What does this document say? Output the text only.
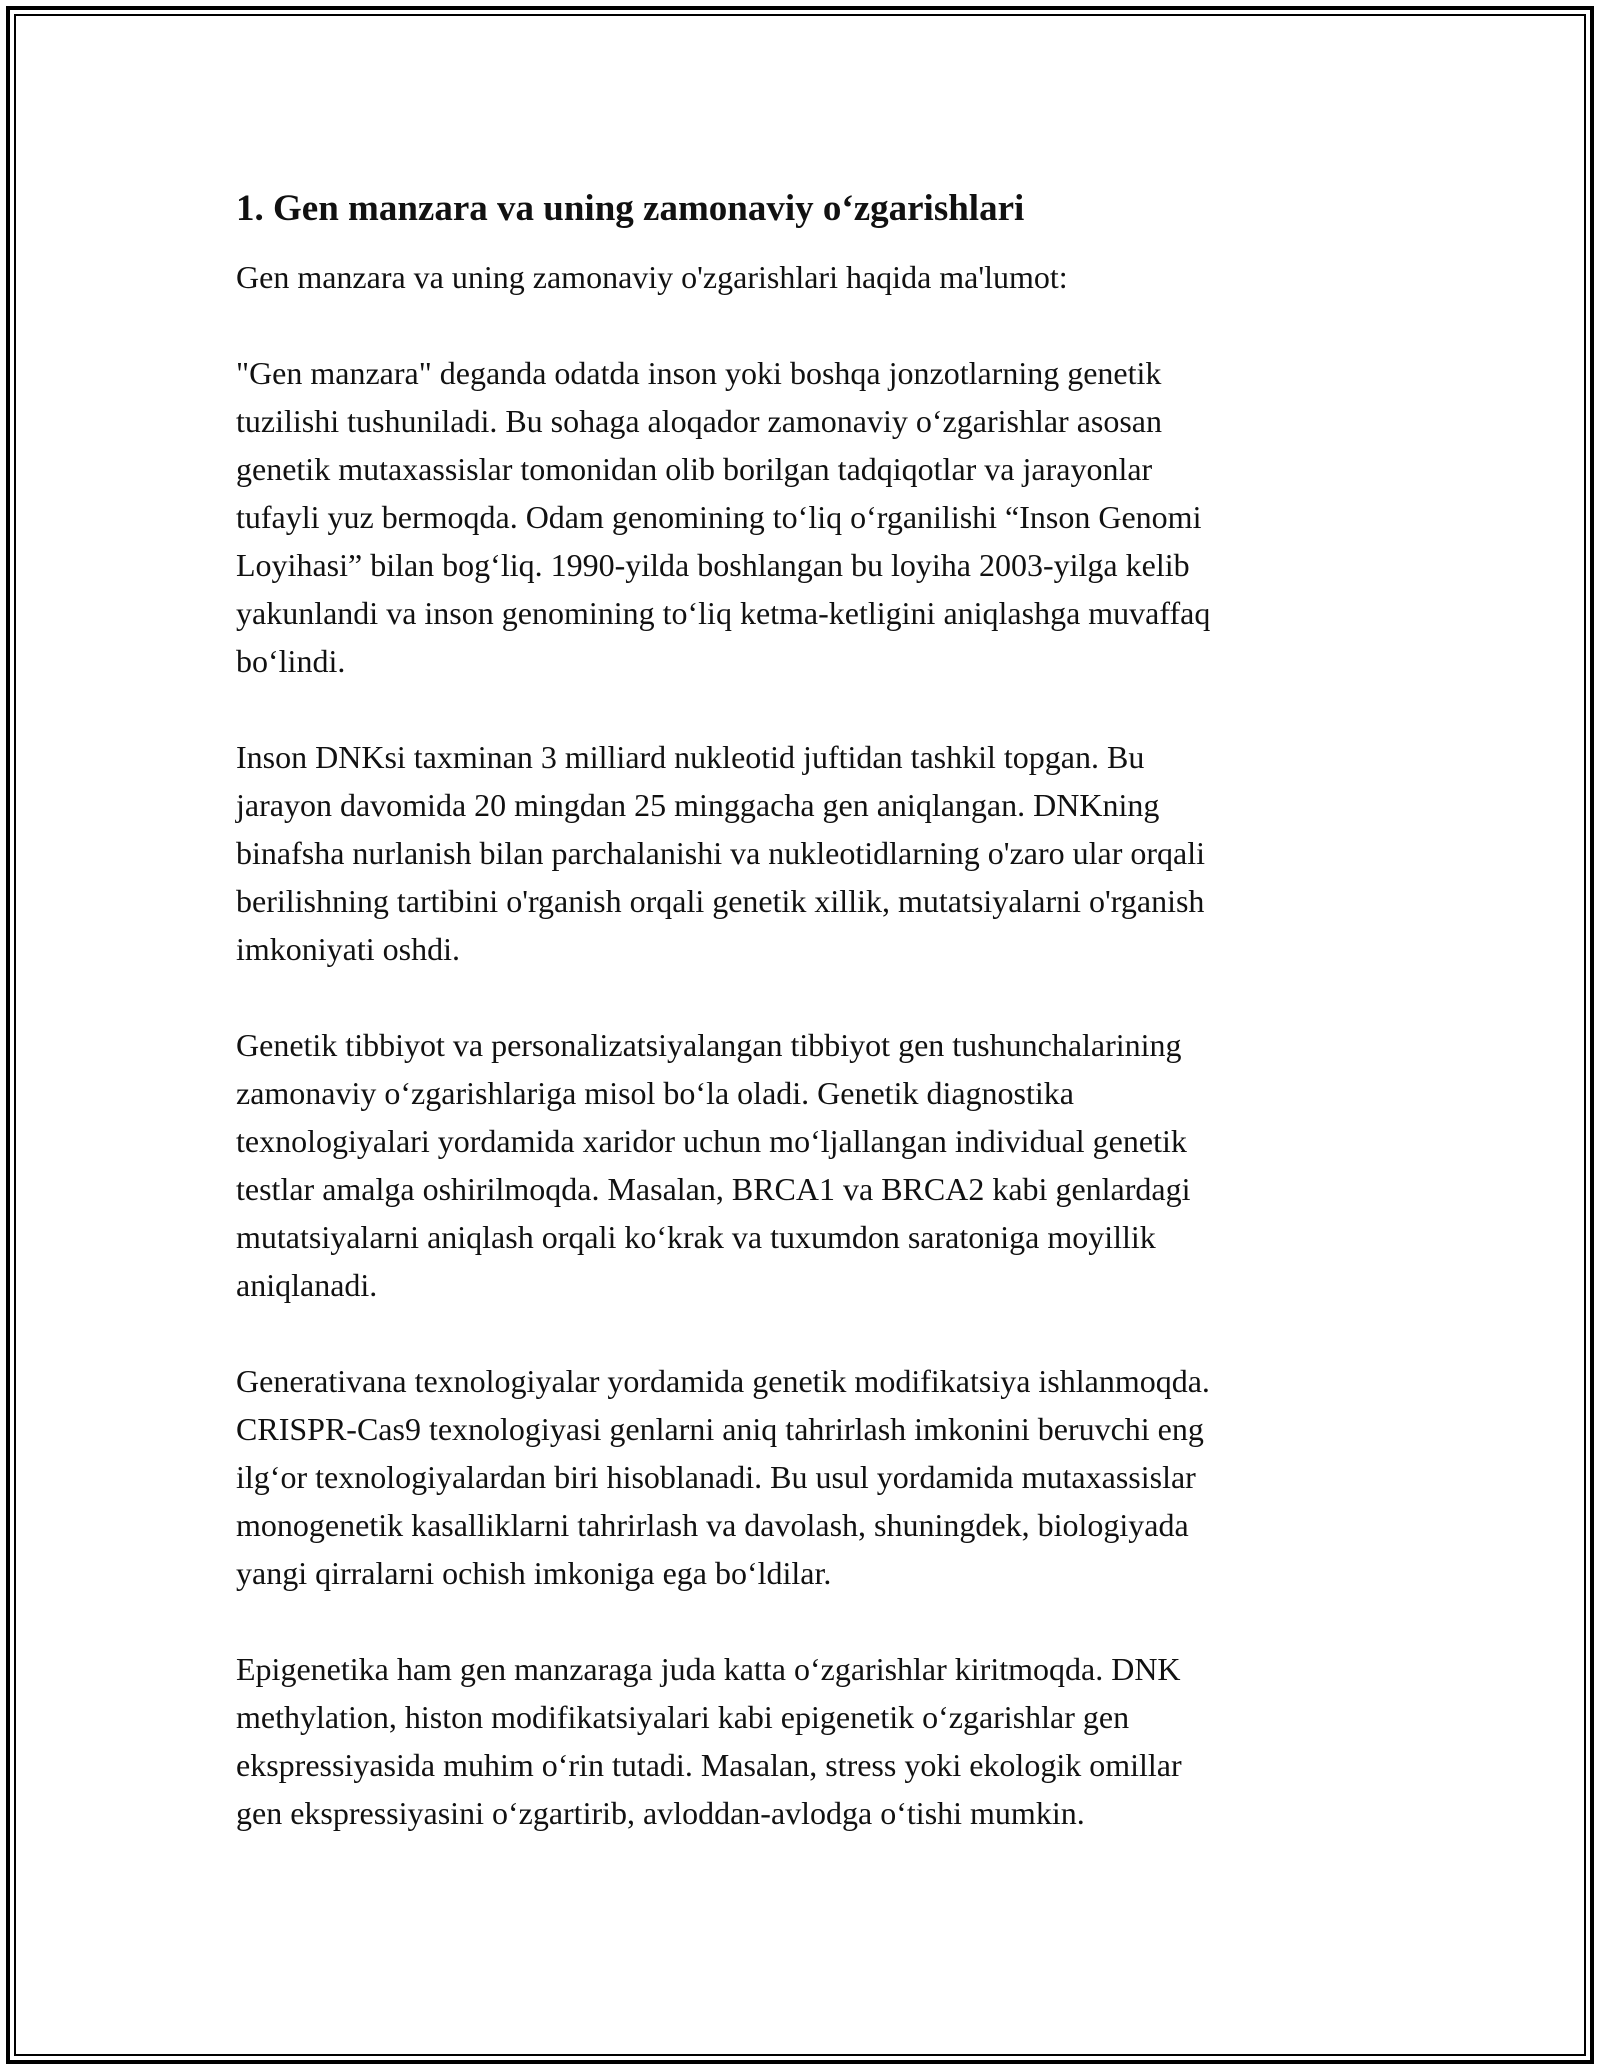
1. Gen manzara va uning zamonaviy o‘zgarishlari

Gen manzara va uning zamonaviy o'zgarishlari haqida ma'lumot:

"Gen manzara" deganda odatda inson yoki boshqa jonzotlarning genetik
tuzilishi tushuniladi. Bu sohaga aloqador zamonaviy o‘zgarishlar asosan
genetik mutaxassislar tomonidan olib borilgan tadqiqotlar va jarayonlar
tufayli yuz bermoqda. Odam genomining to‘liq o‘rganilishi “Inson Genomi
Loyihasi” bilan bog‘liq. 1990-yilda boshlangan bu loyiha 2003-yilga kelib
yakunlandi va inson genomining to‘liq ketma-ketligini aniqlashga muvaffaq
bo‘lindi.

Inson DNKsi taxminan 3 milliard nukleotid juftidan tashkil topgan. Bu
jarayon davomida 20 mingdan 25 minggacha gen aniqlangan. DNKning
binafsha nurlanish bilan parchalanishi va nukleotidlarning o'zaro ular orqali
berilishning tartibini o'rganish orqali genetik xillik, mutatsiyalarni o'rganish
imkoniyati oshdi.

Genetik tibbiyot va personalizatsiyalangan tibbiyot gen tushunchalarining
zamonaviy o‘zgarishlariga misol bo‘la oladi. Genetik diagnostika
texnologiyalari yordamida xaridor uchun mo‘ljallangan individual genetik
testlar amalga oshirilmoqda. Masalan, BRCA1 va BRCA2 kabi genlardagi
mutatsiyalarni aniqlash orqali ko‘krak va tuxumdon saratoniga moyillik
aniqlanadi.

Generativana texnologiyalar yordamida genetik modifikatsiya ishlanmoqda.
CRISPR-Cas9 texnologiyasi genlarni aniq tahrirlash imkonini beruvchi eng
ilg‘or texnologiyalardan biri hisoblanadi. Bu usul yordamida mutaxassislar
monogenetik kasalliklarni tahrirlash va davolash, shuningdek, biologiyada
yangi qirralarni ochish imkoniga ega bo‘ldilar.

Epigenetika ham gen manzaraga juda katta o‘zgarishlar kiritmoqda. DNK
methylation, histon modifikatsiyalari kabi epigenetik o‘zgarishlar gen
ekspressiyasida muhim o‘rin tutadi. Masalan, stress yoki ekologik omillar
gen ekspressiyasini o‘zgartirib, avloddan-avlodga o‘tishi mumkin.
